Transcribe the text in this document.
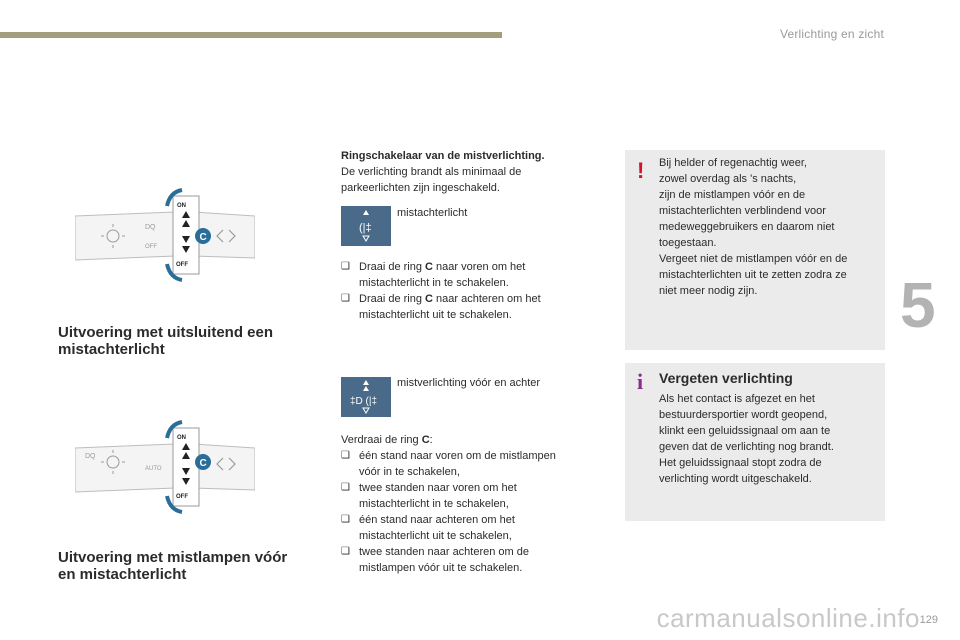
Verlichting en zicht
5
DQ
OFF
ON
OFF
C
DQ
AUTO
ON
OFF
C
Uitvoering met uitsluitend een
mistachterlicht
Uitvoering met mistlampen vóór
en mistachterlicht
Ringschakelaar van de mistverlichting.
De verlichting brandt als minimaal de
parkeerlichten zijn ingeschakeld.
(|‡
mistachterlicht
❑ Draai de ring C naar voren om het
mistachterlicht in te schakelen.
❑ Draai de ring C naar achteren om het
mistachterlicht uit te schakelen.
‡D (|‡
mistverlichting vóór en achter
Verdraai de ring C:
❑ één stand naar voren om de mistlampen
vóór in te schakelen,
❑ twee standen naar voren om het
mistachterlicht in te schakelen,
❑ één stand naar achteren om het
mistachterlicht uit te schakelen,
❑ twee standen naar achteren om de
mistlampen vóór uit te schakelen.
! Bij helder of regenachtig weer,
zowel overdag als 's nachts,
zijn de mistlampen vóór en de
mistachterlichten verblindend voor
medeweggebruikers en daarom niet
toegestaan.
Vergeet niet de mistlampen vóór en de
mistachterlichten uit te zetten zodra ze
niet meer nodig zijn.
i Vergeten verlichting
Als het contact is afgezet en het
bestuurdersportier wordt geopend,
klinkt een geluidssignaal om aan te
geven dat de verlichting nog brandt.
Het geluidssignaal stopt zodra de
verlichting wordt uitgeschakeld.
carmanualsonline.info 129
